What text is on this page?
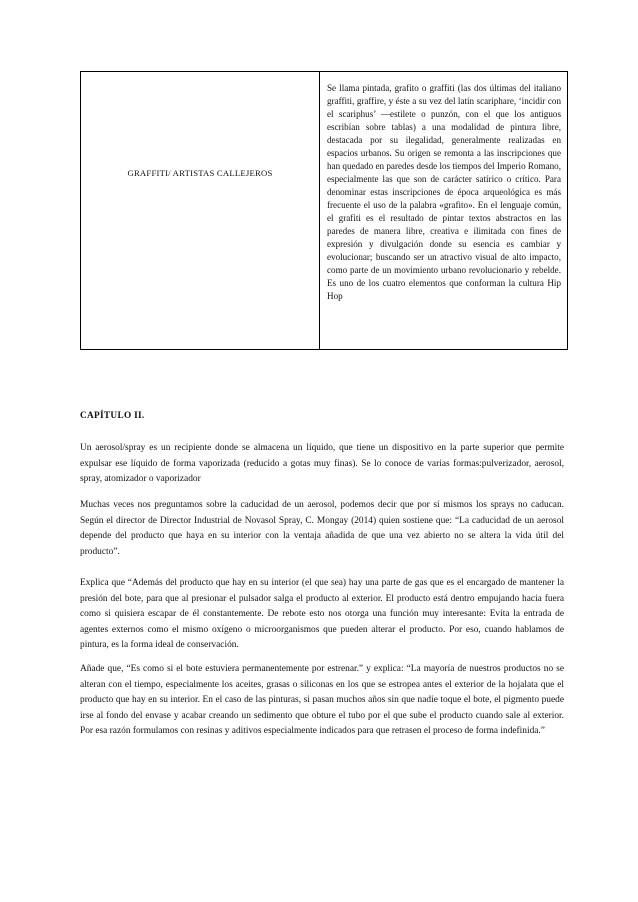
GRAFFITI/ ARTISTAS CALLEJEROS
Se llama pintada, grafito o graffiti (las dos últimas del italiano graffiti, graffire, y éste a su vez del latín scariphare, ‘incidir con el scariphus’ —estilete o punzón, con el que los antiguos escribían sobre tablas) a una modalidad de pintura libre, destacada por su ilegalidad, generalmente realizadas en espacios urbanos. Su origen se remonta a las inscripciones que han quedado en paredes desde los tiempos del Imperio Romano, especialmente las que son de carácter satírico o crítico. Para denominar estas inscripciones de época arqueológica es más frecuente el uso de la palabra «grafito». En el lenguaje común, el grafiti es el resultado de pintar textos abstractos en las paredes de manera libre, creativa e ilimitada con fines de expresión y divulgación donde su esencia es cambiar y evolucionar; buscando ser un atractivo visual de alto impacto, como parte de un movimiento urbano revolucionario y rebelde. Es uno de los cuatro elementos que conforman la cultura Hip Hop
CAPÍTULO II.
Un aerosol/spray es un recipiente donde se almacena un líquido, que tiene un dispositivo en la parte superior que permite expulsar ese líquido de forma vaporizada (reducido a gotas muy finas). Se lo conoce de varias formas:pulverizador, aerosol, spray, atomizador o vaporizador
Muchas veces nos preguntamos sobre la caducidad de un aerosol, podemos decir que por sí mismos los sprays no caducan. Según el director de Director Industrial de Novasol Spray, C. Mongay (2014) quien sostiene que: “La caducidad de un aerosol depende del producto que haya en su interior con la ventaja añadida de que una vez abierto no se altera la vida útil del producto”.
Explica que “Además del producto que hay en su interior (el que sea) hay una parte de gas que es el encargado de mantener la presión del bote, para que al presionar el pulsador salga el producto al exterior. El producto está dentro empujando hacia fuera como si quisiera escapar de él constantemente. De rebote esto nos otorga una función muy interesante: Evita la entrada de agentes externos como el mismo oxígeno o microorganismos que pueden alterar el producto. Por eso, cuando hablamos de pintura, es la forma ideal de conservación.
Añade que, “Es como si el bote estuviera permanentemente por estrenar.” y explica: “La mayoría de nuestros productos no se alteran con el tiempo, especialmente los aceites, grasas o siliconas en los que se estropea antes el exterior de la hojalata que el producto que hay en su interior. En el caso de las pinturas, si pasan muchos años sin que nadie toque el bote, el pigmento puede irse al fondo del envase y acabar creando un sedimento que obture el tubo por el que sube el producto cuando sale al exterior. Por esa razón formulamos con resinas y aditivos especialmente indicados para que retrasen el proceso de forma indefinida.”
